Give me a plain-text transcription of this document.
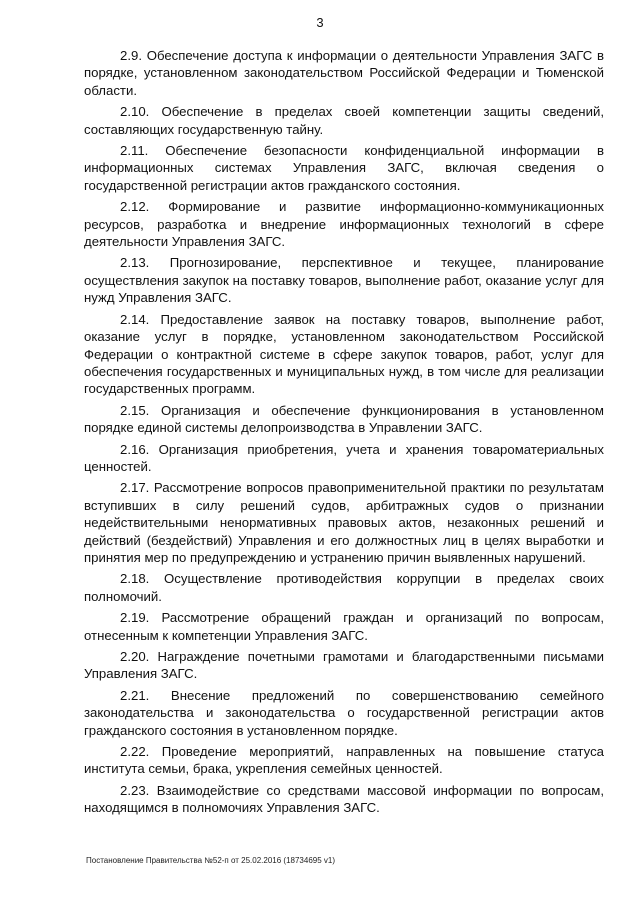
3

2.9. Обеспечение доступа к информации о деятельности Управления ЗАГС в порядке, установленном законодательством Российской Федерации и Тюменской области.

2.10. Обеспечение в пределах своей компетенции защиты сведений, составляющих государственную тайну.

2.11. Обеспечение безопасности конфиденциальной информации в информационных системах Управления ЗАГС, включая сведения о государственной регистрации актов гражданского состояния.

2.12. Формирование и развитие информационно-коммуникационных ресурсов, разработка и внедрение информационных технологий в сфере деятельности Управления ЗАГС.

2.13. Прогнозирование, перспективное и текущее, планирование осуществления закупок на поставку товаров, выполнение работ, оказание услуг для нужд Управления ЗАГС.

2.14. Предоставление заявок на поставку товаров, выполнение работ, оказание услуг в порядке, установленном законодательством Российской Федерации о контрактной системе в сфере закупок товаров, работ, услуг для обеспечения государственных и муниципальных нужд, в том числе для реализации государственных программ.

2.15. Организация и обеспечение функционирования в установленном порядке единой системы делопроизводства в Управлении ЗАГС.

2.16. Организация приобретения, учета и хранения товароматериальных ценностей.

2.17. Рассмотрение вопросов правоприменительной практики по результатам вступивших в силу решений судов, арбитражных судов о признании недействительными ненормативных правовых актов, незаконных решений и действий (бездействий) Управления и его должностных лиц в целях выработки и принятия мер по предупреждению и устранению причин выявленных нарушений.

2.18. Осуществление противодействия коррупции в пределах своих полномочий.

2.19. Рассмотрение обращений граждан и организаций по вопросам, отнесенным к компетенции Управления ЗАГС.

2.20. Награждение почетными грамотами и благодарственными письмами Управления ЗАГС.

2.21. Внесение предложений по совершенствованию семейного законодательства и законодательства о государственной регистрации актов гражданского состояния в установленном порядке.

2.22. Проведение мероприятий, направленных на повышение статуса института семьи, брака, укрепления семейных ценностей.

2.23. Взаимодействие со средствами массовой информации по вопросам, находящимся в полномочиях Управления ЗАГС.

Постановление Правительства №52-п от 25.02.2016 (18734695 v1)
